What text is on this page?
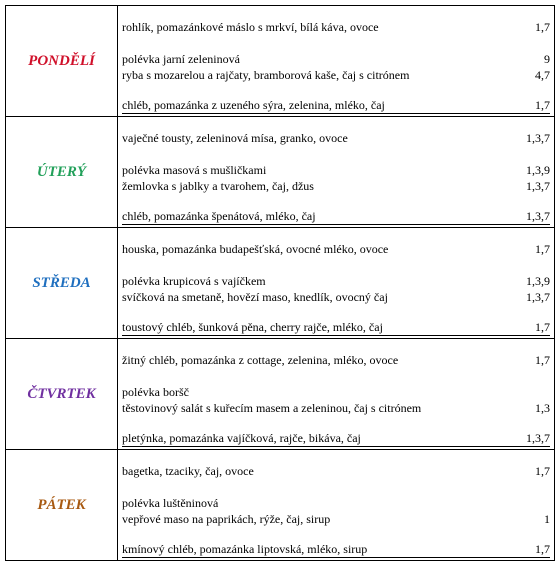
PONDĚLÍ
rohlík, pomazánkové máslo s mrkví, bílá káva, ovoce	1,7
polévka jarní zeleninová	9
ryba s mozarelou a rajčaty, bramborová kaše, čaj s citrónem	4,7
chléb, pomazánka z uzeného sýra, zelenina, mléko, čaj	1,7
ÚTERÝ
vaječné tousty, zeleninová mísa, granko, ovoce	1,3,7
polévka masová s mušličkami	1,3,9
žemlovka s jablky a tvarohem, čaj, džus	1,3,7
chléb, pomazánka špenátová, mléko, čaj	1,3,7
STŘEDA
houska, pomazánka budapešťská, ovocné mléko, ovoce	1,7
polévka krupicová s vajíčkem	1,3,9
svíčková na smetaně, hovězí maso, knedlík, ovocný čaj	1,3,7
toustový chléb, šunková pěna, cherry rajče, mléko, čaj	1,7
ČTVRTEK
žitný chléb, pomazánka z cottage, zelenina, mléko, ovoce	1,7
polévka boršč
těstovinový salát s kuřecím masem a zeleninou, čaj s citrónem	1,3
pletýnka, pomazánka vajíčková, rajče, bikáva, čaj	1,3,7
PÁTEK
bagetka, tzaciky, čaj, ovoce	1,7
polévka luštěninová
vepřové maso na paprikách, rýže, čaj, sirup	1
kmínový chléb, pomazánka liptovská, mléko, sirup	1,7
